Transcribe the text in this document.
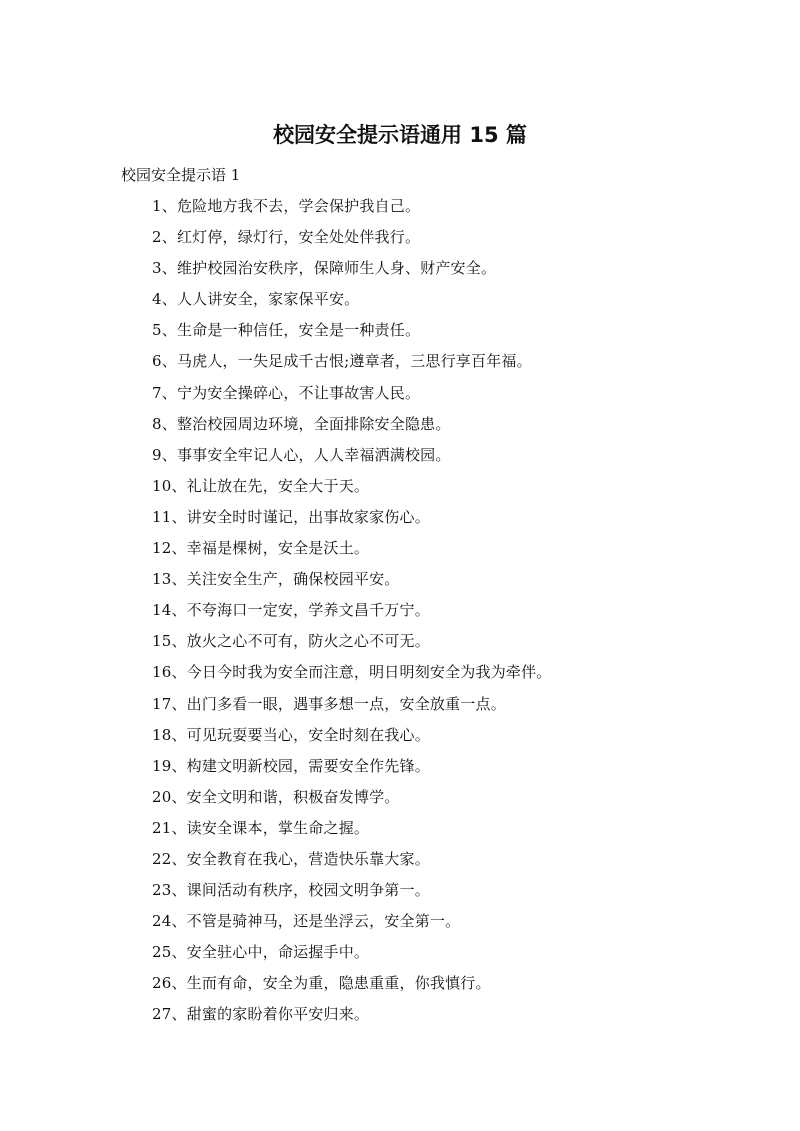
校园安全提示语通用 15 篇

校园安全提示语 1

1、危险地方我不去，学会保护我自己。
2、红灯停，绿灯行，安全处处伴我行。
3、维护校园治安秩序，保障师生人身、财产安全。
4、人人讲安全，家家保平安。
5、生命是一种信任，安全是一种责任。
6、马虎人，一失足成千古恨;遵章者，三思行享百年福。
7、宁为安全操碎心，不让事故害人民。
8、整治校园周边环境，全面排除安全隐患。
9、事事安全牢记人心，人人幸福洒满校园。
10、礼让放在先，安全大于天。
11、讲安全时时谨记，出事故家家伤心。
12、幸福是棵树，安全是沃土。
13、关注安全生产，确保校园平安。
14、不夸海口一定安，学养文昌千万宁。
15、放火之心不可有，防火之心不可无。
16、今日今时我为安全而注意，明日明刻安全为我为牵伴。
17、出门多看一眼，遇事多想一点，安全放重一点。
18、可见玩耍要当心，安全时刻在我心。
19、构建文明新校园，需要安全作先锋。
20、安全文明和谐，积极奋发博学。
21、读安全课本，掌生命之握。
22、安全教育在我心，营造快乐靠大家。
23、课间活动有秩序，校园文明争第一。
24、不管是骑神马，还是坐浮云，安全第一。
25、安全驻心中，命运握手中。
26、生而有命，安全为重，隐患重重，你我慎行。
27、甜蜜的家盼着你平安归来。
